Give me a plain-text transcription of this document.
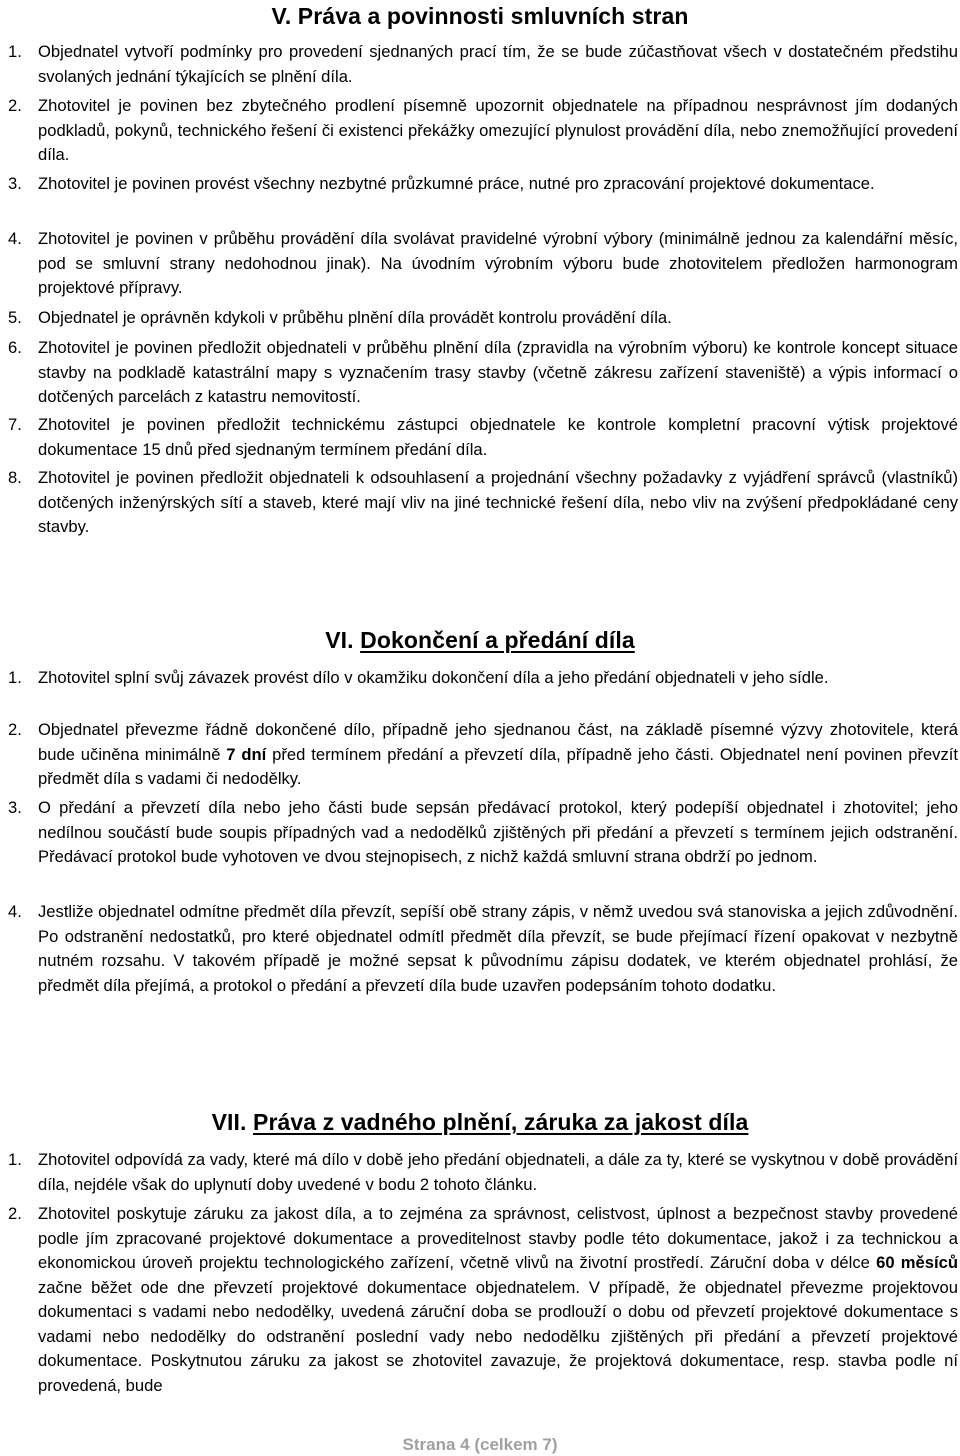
V. Práva a povinnosti smluvních stran
1. Objednatel vytvoří podmínky pro provedení sjednaných prací tím, že se bude zúčastňovat všech v dostatečném předstihu svolaných jednání týkajících se plnění díla.
2. Zhotovitel je povinen bez zbytečného prodlení písemně upozornit objednatele na případnou nesprávnost jím dodaných podkladů, pokynů, technického řešení či existenci překážky omezující plynulost provádění díla, nebo znemožňující provedení díla.
3. Zhotovitel je povinen provést všechny nezbytné průzkumné práce, nutné pro zpracování projektové dokumentace.
4. Zhotovitel je povinen v průběhu provádění díla svolávat pravidelné výrobní výbory (minimálně jednou za kalendářní měsíc, pod se smluvní strany nedohodnou jinak). Na úvodním výrobním výboru bude zhotovitelem předložen harmonogram projektové přípravy.
5. Objednatel je oprávněn kdykoli v průběhu plnění díla provádět kontrolu provádění díla.
6. Zhotovitel je povinen předložit objednateli v průběhu plnění díla (zpravidla na výrobním výboru) ke kontrole koncept situace stavby na podkladě katastrální mapy s vyznačením trasy stavby (včetně zákresu zařízení staveniště) a výpis informací o dotčených parcelách z katastru nemovitostí.
7. Zhotovitel je povinen předložit technickému zástupci objednatele ke kontrole kompletní pracovní výtisk projektové dokumentace 15 dnů před sjednaným termínem předání díla.
8. Zhotovitel je povinen předložit objednateli k odsouhlasení a projednání všechny požadavky z vyjádření správců (vlastníků) dotčených inženýrských sítí a staveb, které mají vliv na jiné technické řešení díla, nebo vliv na zvýšení předpokládané ceny stavby.
VI. Dokončení a předání díla
1. Zhotovitel splní svůj závazek provést dílo v okamžiku dokončení díla a jeho předání objednateli v jeho sídle.
2. Objednatel převezme řádně dokončené dílo, případně jeho sjednanou část, na základě písemné výzvy zhotovitele, která bude učiněna minimálně 7 dní před termínem předání a převzetí díla, případně jeho části. Objednatel není povinen převzít předmět díla s vadami či nedodělky.
3. O předání a převzetí díla nebo jeho části bude sepsán předávací protokol, který podepíší objednatel i zhotovitel; jeho nedílnou součástí bude soupis případných vad a nedodělků zjištěných při předání a převzetí s termínem jejich odstranění. Předávací protokol bude vyhotoven ve dvou stejnopisech, z nichž každá smluvní strana obdrží po jednom.
4. Jestliže objednatel odmítne předmět díla převzít, sepíší obě strany zápis, v němž uvedou svá stanoviska a jejich zdůvodnění. Po odstranění nedostatků, pro které objednatel odmítl předmět díla převzít, se bude přejímací řízení opakovat v nezbytně nutném rozsahu. V takovém případě je možné sepsat k původnímu zápisu dodatek, ve kterém objednatel prohlásí, že předmět díla přejímá, a protokol o předání a převzetí díla bude uzavřen podepsáním tohoto dodatku.
VII. Práva z vadného plnění, záruka za jakost díla
1. Zhotovitel odpovídá za vady, které má dílo v době jeho předání objednateli, a dále za ty, které se vyskytnou v době provádění díla, nejdéle však do uplynutí doby uvedené v bodu 2 tohoto článku.
2. Zhotovitel poskytuje záruku za jakost díla, a to zejména za správnost, celistvost, úplnost a bezpečnost stavby provedené podle jím zpracované projektové dokumentace a proveditelnost stavby podle této dokumentace, jakož i za technickou a ekonomickou úroveň projektu technologického zařízení, včetně vlivů na životní prostředí. Záruční doba v délce 60 měsíců začne běžet ode dne převzetí projektové dokumentace objednatelem. V případě, že objednatel převezme projektovou dokumentaci s vadami nebo nedodělky, uvedená záruční doba se prodlouží o dobu od převzetí projektové dokumentace s vadami nebo nedodělky do odstranění poslední vady nebo nedodělku zjištěných při předání a převzetí projektové dokumentace. Poskytnutou záruku za jakost se zhotovitel zavazuje, že projektová dokumentace, resp. stavba podle ní provedená, bude
Strana 4 (celkem 7)
